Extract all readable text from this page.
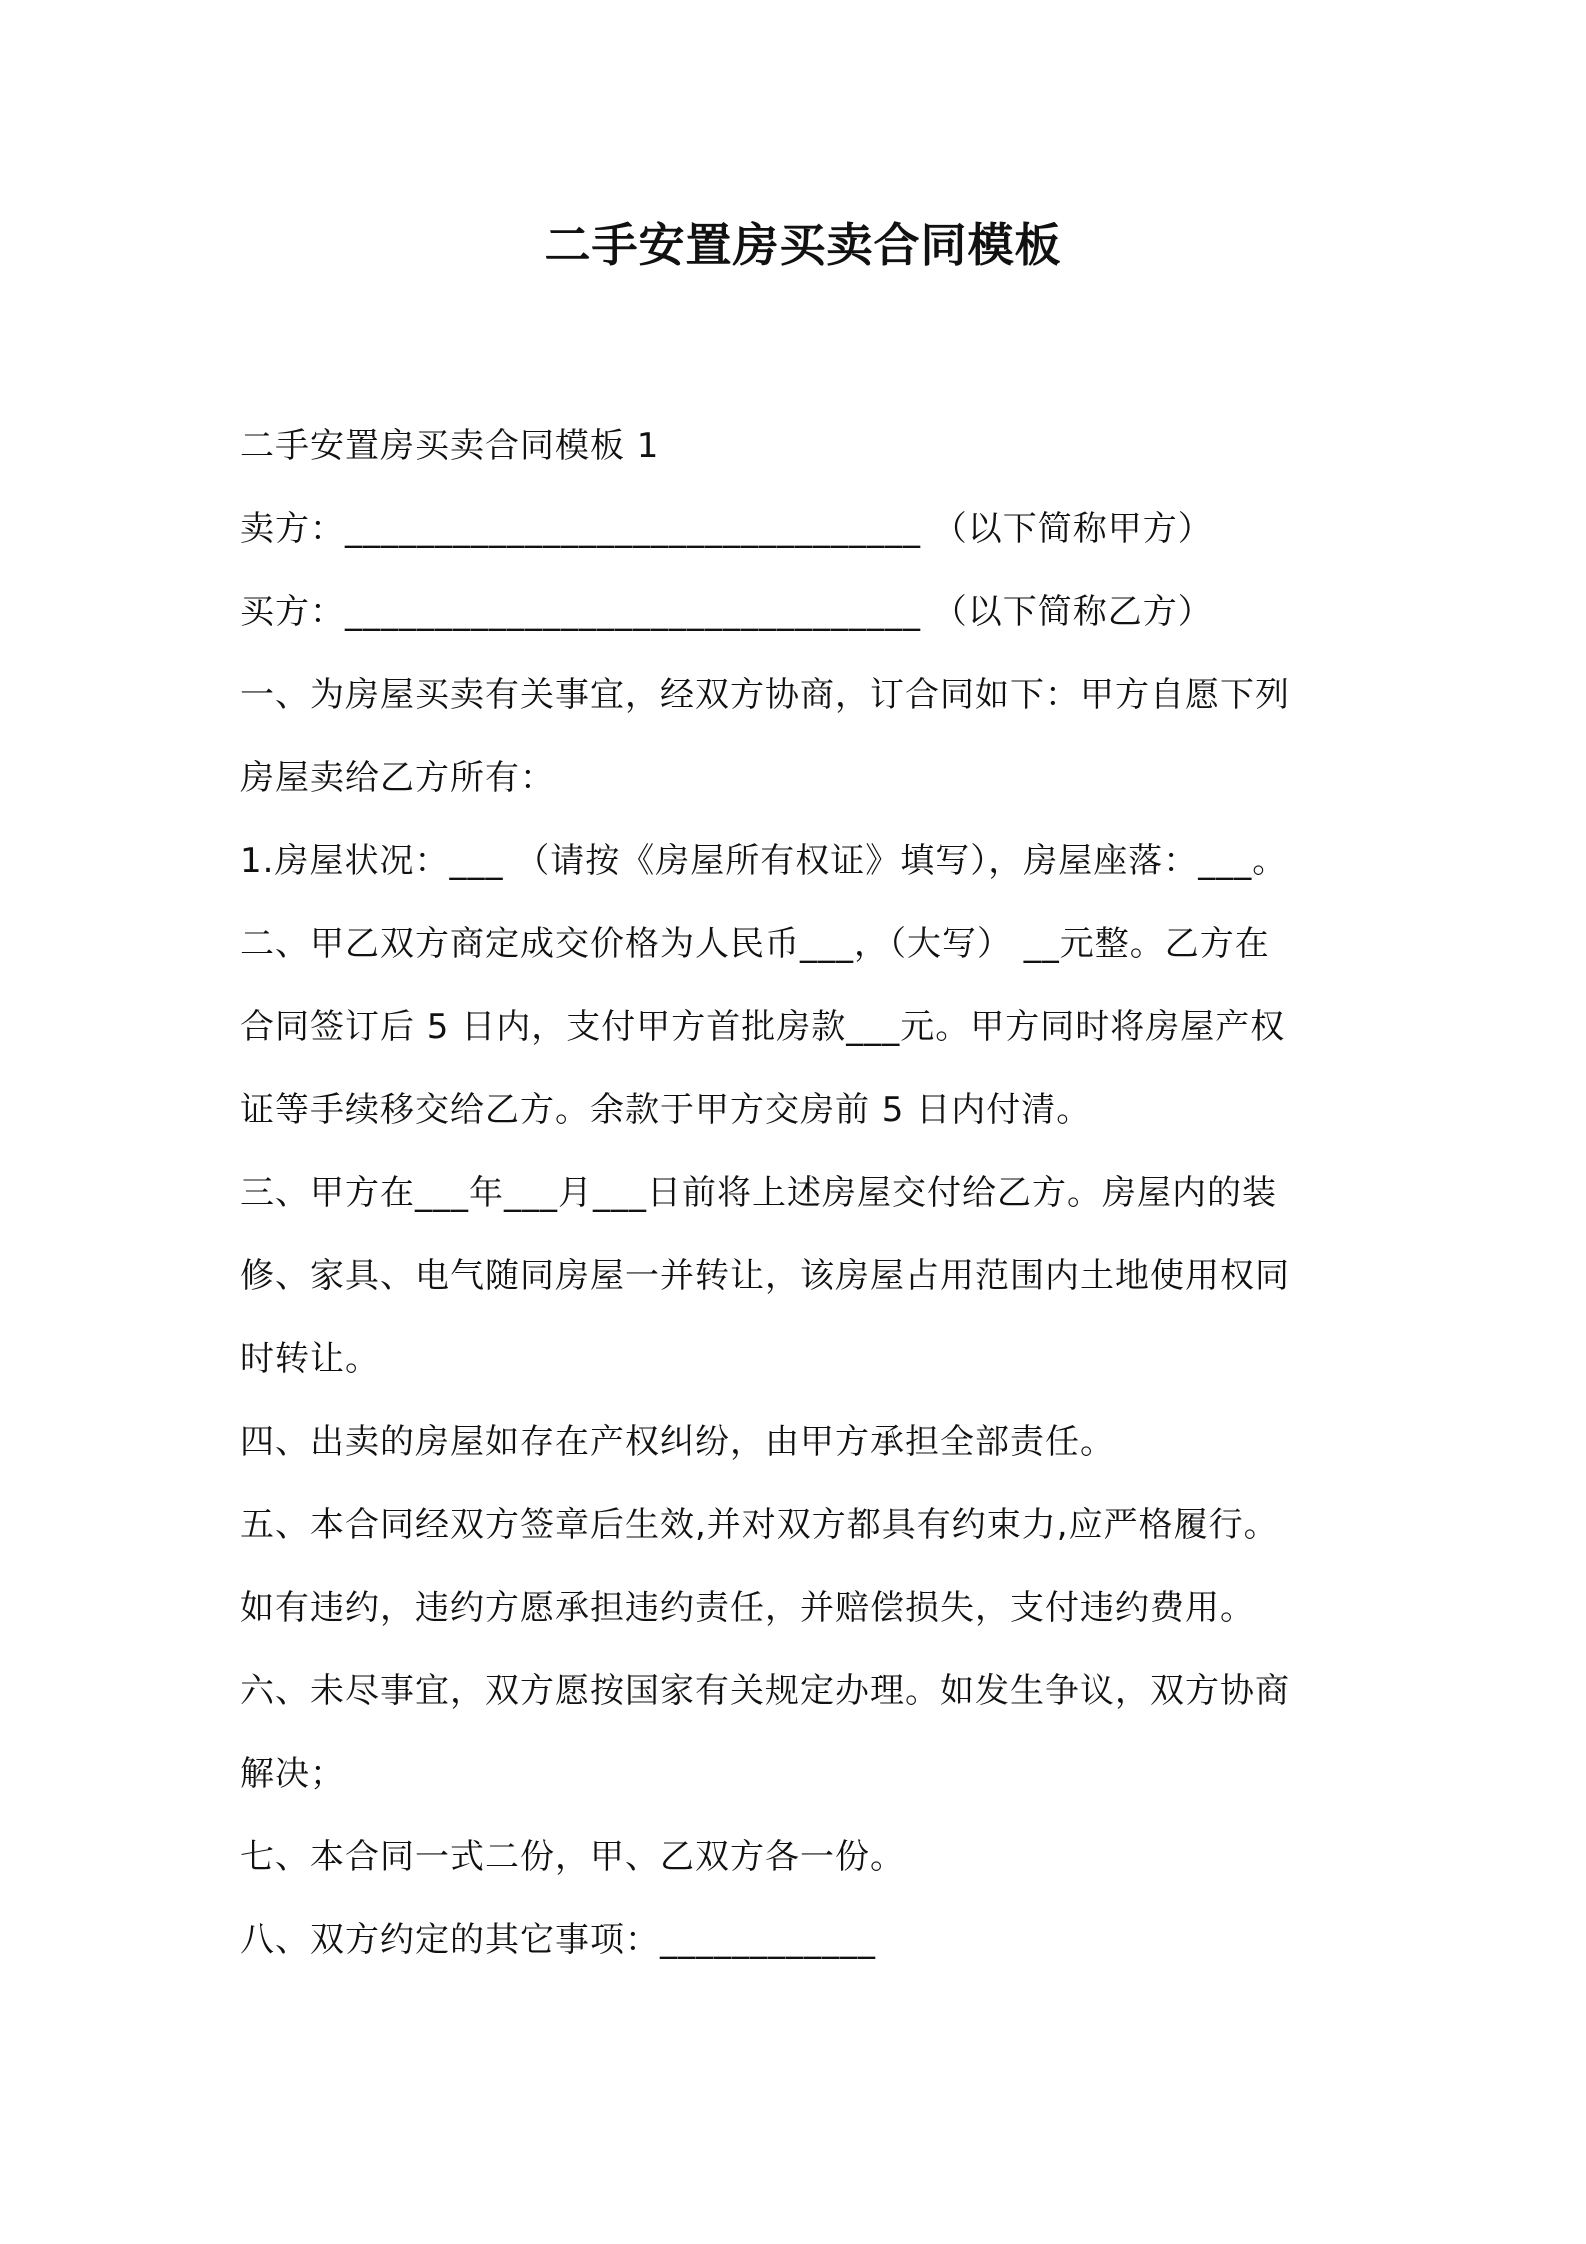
二手安置房买卖合同模板

二手安置房买卖合同模板 1

卖方：________________________________ （以下简称甲方）

买方：________________________________ （以下简称乙方）

一、为房屋买卖有关事宜，经双方协商，订合同如下：甲方自愿下列

房屋卖给乙方所有：

1.房屋状况：___ （请按《房屋所有权证》填写），房屋座落：___。

二、甲乙双方商定成交价格为人民币___，（大写） __元整。乙方在

合同签订后 5 日内，支付甲方首批房款___元。甲方同时将房屋产权

证等手续移交给乙方。余款于甲方交房前 5 日内付清。

三、甲方在___年___月___日前将上述房屋交付给乙方。房屋内的装

修、家具、电气随同房屋一并转让，该房屋占用范围内土地使用权同

时转让。

四、出卖的房屋如存在产权纠纷，由甲方承担全部责任。

五、本合同经双方签章后生效,并对双方都具有约束力,应严格履行。

如有违约，违约方愿承担违约责任，并赔偿损失，支付违约费用。

六、未尽事宜，双方愿按国家有关规定办理。如发生争议，双方协商

解决；

七、本合同一式二份，甲、乙双方各一份。

八、双方约定的其它事项：____________
